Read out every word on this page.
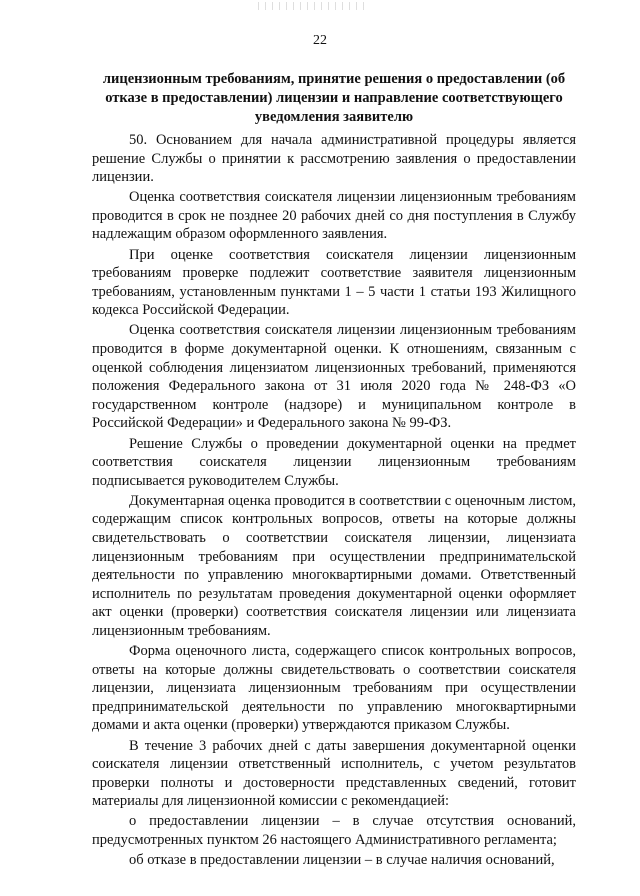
22
лицензионным требованиям, принятие решения о предоставлении (об
отказе в предоставлении) лицензии и направление соответствующего
уведомления заявителю

50. Основанием для начала административной процедуры является решение Службы о принятии к рассмотрению заявления о предоставлении лицензии.

Оценка соответствия соискателя лицензии лицензионным требованиям проводится в срок не позднее 20 рабочих дней со дня поступления в Службу надлежащим образом оформленного заявления.

При оценке соответствия соискателя лицензии лицензионным требованиям проверке подлежит соответствие заявителя лицензионным требованиям, установленным пунктами 1 – 5 части 1 статьи 193 Жилищного кодекса Российской Федерации.

Оценка соответствия соискателя лицензии лицензионным требованиям проводится в форме документарной оценки. К отношениям, связанным с оценкой соблюдения лицензиатом лицензионных требований, применяются положения Федерального закона от 31 июля 2020 года № 248-ФЗ «О государственном контроле (надзоре) и муниципальном контроле в Российской Федерации» и Федерального закона № 99-ФЗ.

Решение Службы о проведении документарной оценки на предмет соответствия соискателя лицензии лицензионным требованиям подписывается руководителем Службы.

Документарная оценка проводится в соответствии с оценочным листом, содержащим список контрольных вопросов, ответы на которые должны свидетельствовать о соответствии соискателя лицензии, лицензиата лицензионным требованиям при осуществлении предпринимательской деятельности по управлению многоквартирными домами. Ответственный исполнитель по результатам проведения документарной оценки оформляет акт оценки (проверки) соответствия соискателя лицензии или лицензиата лицензионным требованиям.

Форма оценочного листа, содержащего список контрольных вопросов, ответы на которые должны свидетельствовать о соответствии соискателя лицензии, лицензиата лицензионным требованиям при осуществлении предпринимательской деятельности по управлению многоквартирными домами и акта оценки (проверки) утверждаются приказом Службы.

В течение 3 рабочих дней с даты завершения документарной оценки соискателя лицензии ответственный исполнитель, с учетом результатов проверки полноты и достоверности представленных сведений, готовит материалы для лицензионной комиссии с рекомендацией:

о предоставлении лицензии – в случае отсутствия оснований, предусмотренных пунктом 26 настоящего Административного регламента;

об отказе в предоставлении лицензии – в случае наличия оснований,
